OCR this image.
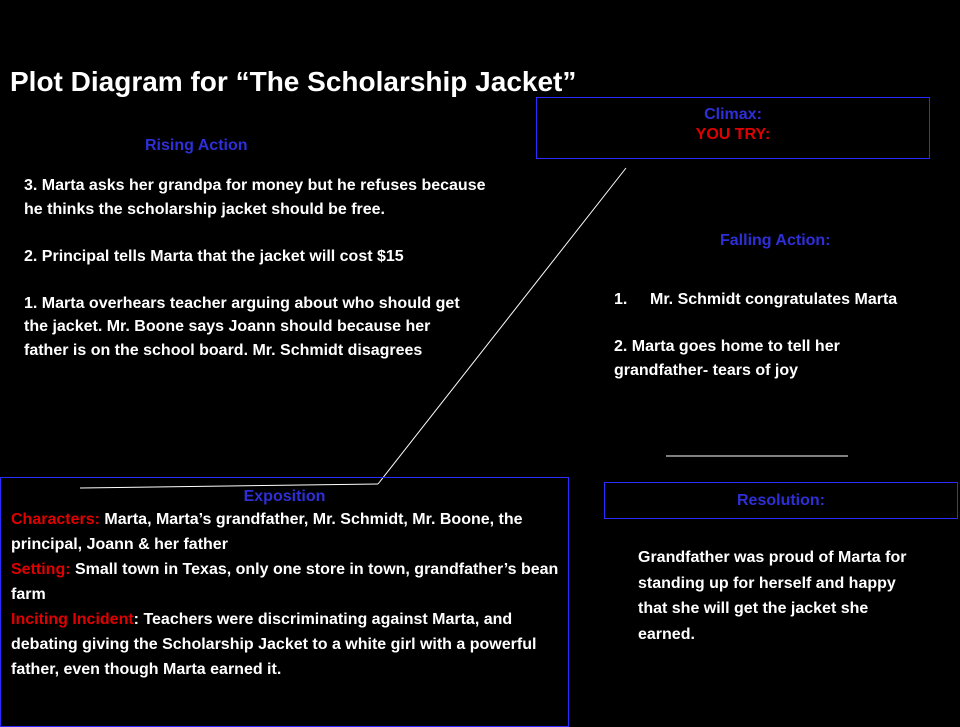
Plot Diagram for “The Scholarship Jacket”
Climax:
YOU TRY:
Rising Action

3. Marta asks her grandpa for money but he refuses because he thinks the scholarship jacket should be free.

2. Principal tells Marta that the jacket will cost $15

1. Marta overhears teacher arguing about who should get the jacket. Mr. Boone says Joann should because her father is on the school board. Mr. Schmidt disagrees

Falling Action:
1.	Mr. Schmidt congratulates Marta

2. Marta goes home to tell her grandfather- tears of joy

Exposition
Characters: Marta, Marta’s grandfather, Mr. Schmidt, Mr. Boone, the principal, Joann & her father
Setting: Small town in Texas, only one store in town, grandfather’s bean farm
Inciting Incident: Teachers were discriminating against Marta, and debating giving the Scholarship Jacket to a white girl with a powerful father, even though Marta earned it.
Resolution:
Grandfather was proud of Marta for standing up for herself and happy that she will get the jacket she earned.
